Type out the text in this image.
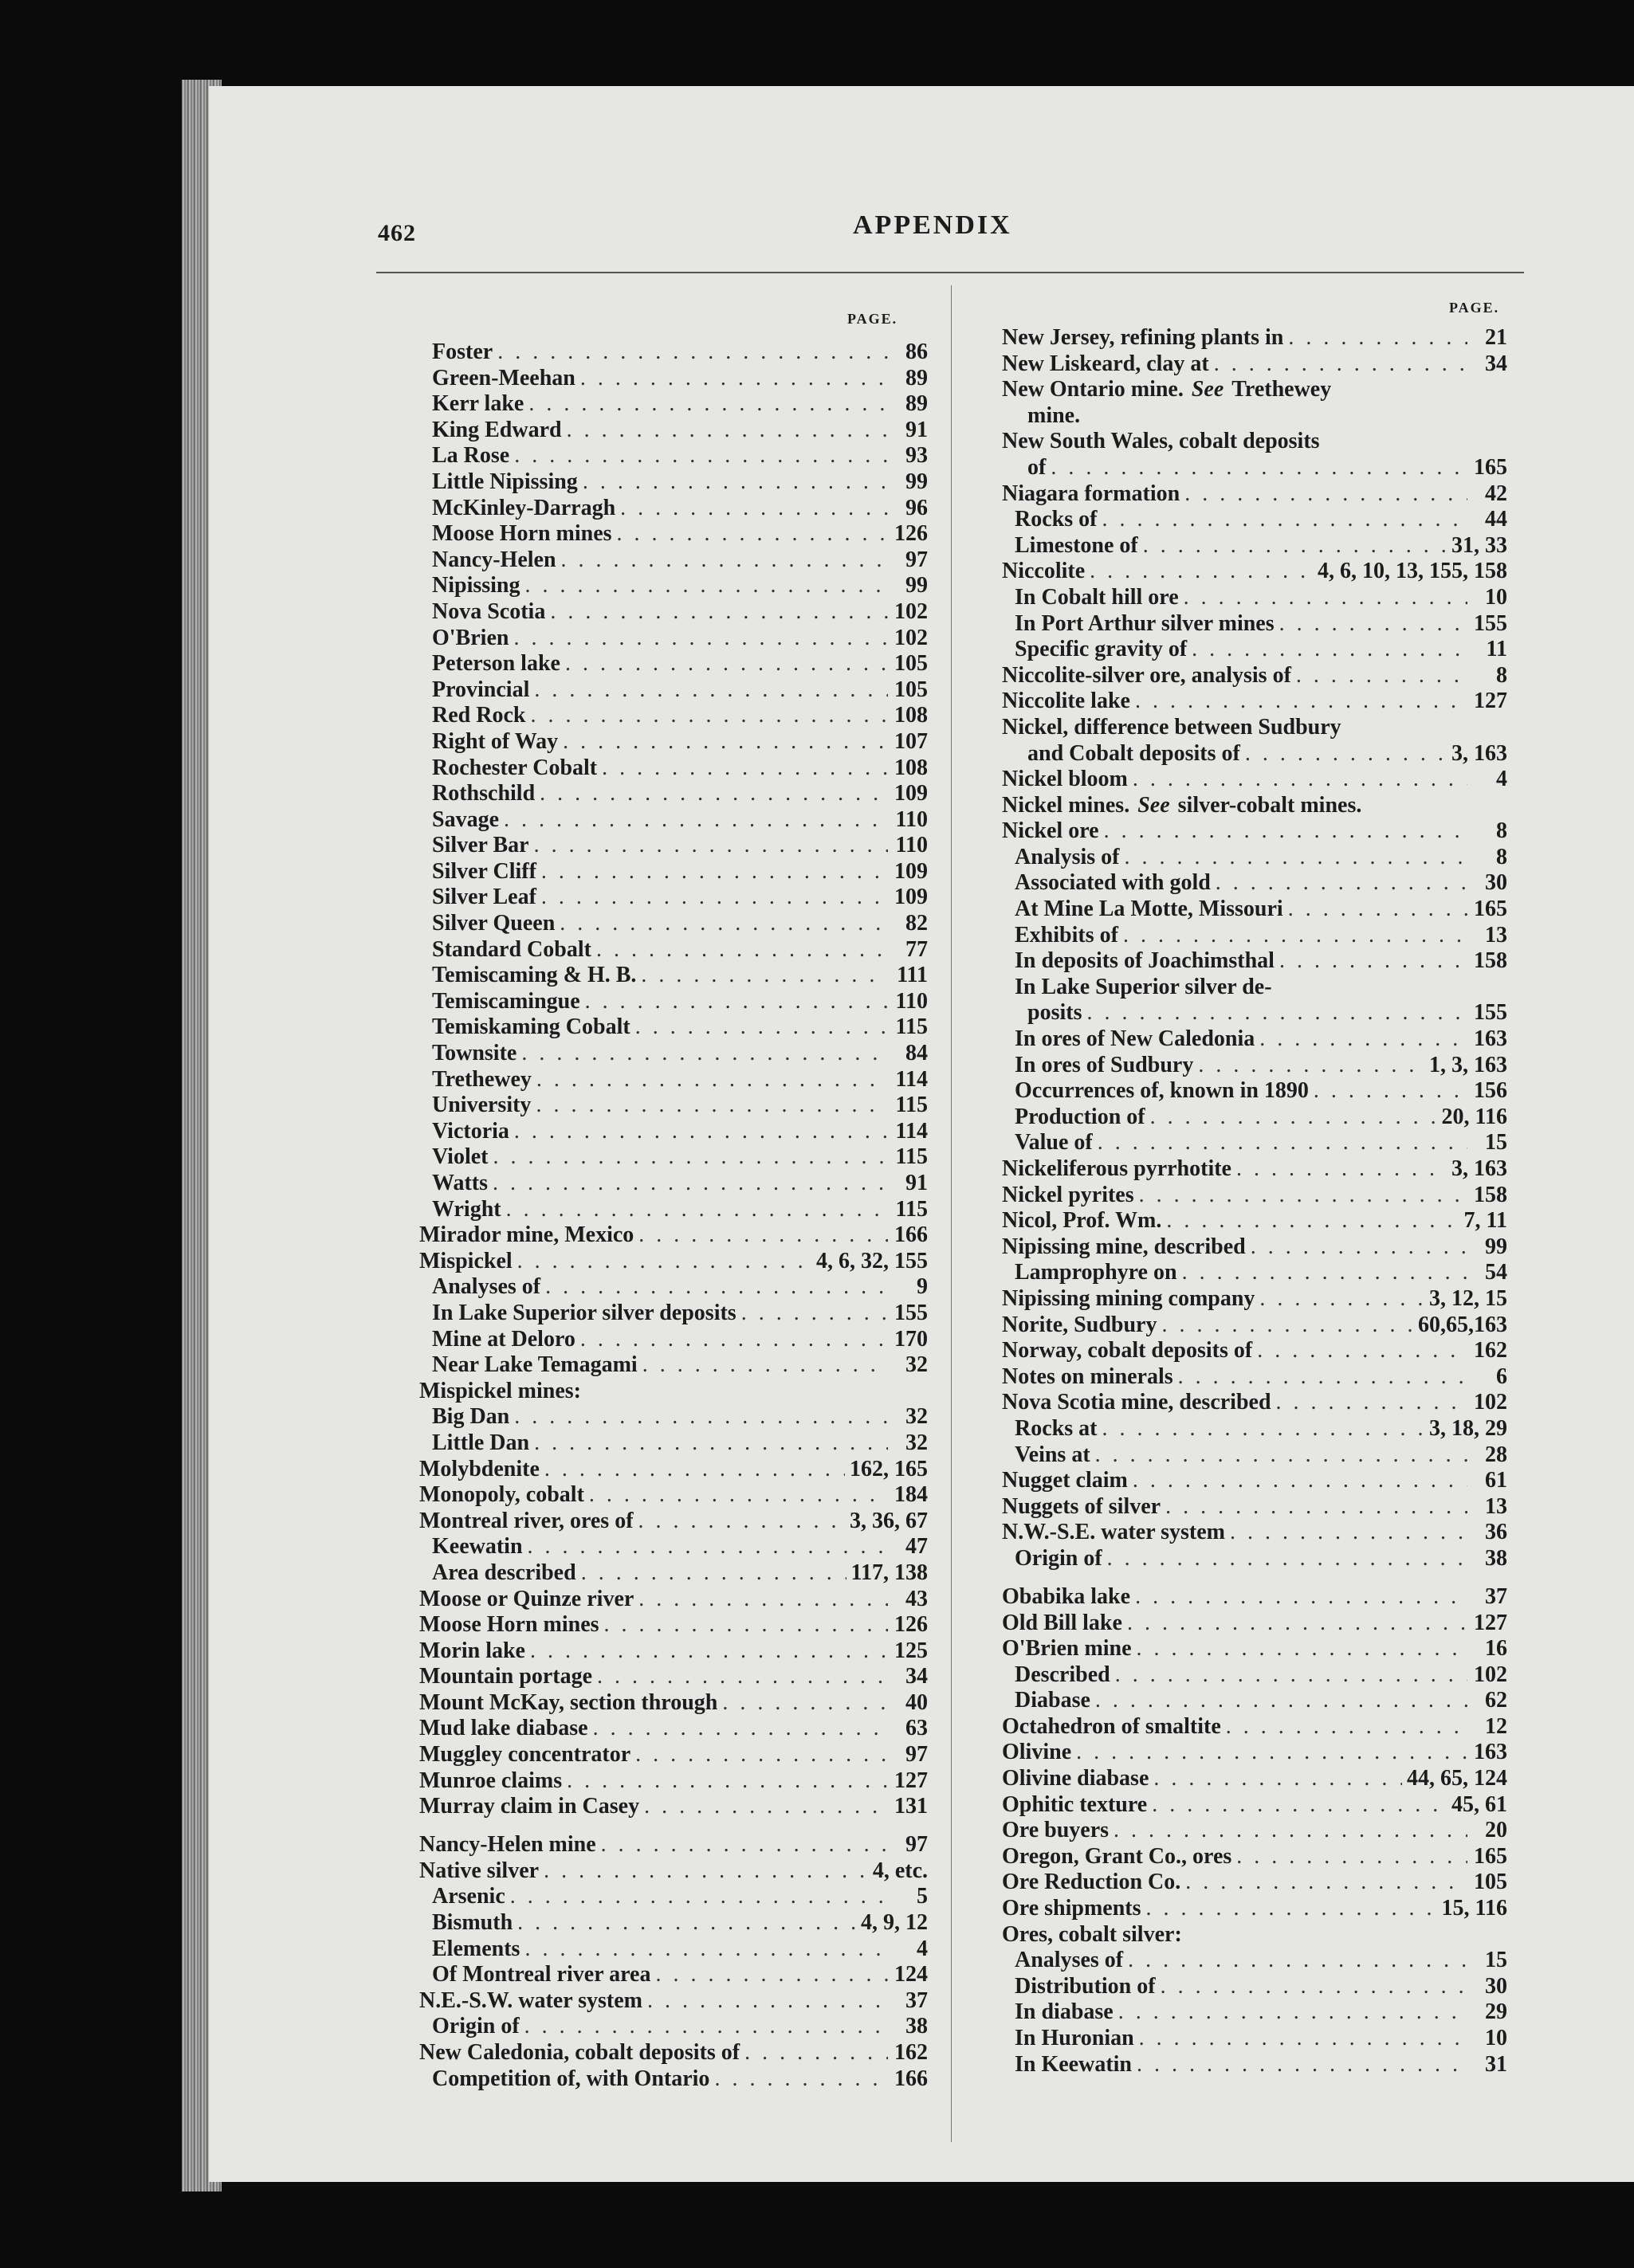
462	APPENDIX
PAGE.
PAGE.
Foster . . .	86
Green-Meehan . . .	89
Kerr lake . . .	89
King Edward . . .	91
La Rose . . .	93
Little Nipissing . . .	99
McKinley-Darragh . . .	96
Moose Horn mines . . .	126
Nancy-Helen . . .	97
Nipissing . . .	99
Nova Scotia . . .	102
O'Brien . . .	102
Peterson lake . . .	105
Provincial . . .	105
Red Rock . . .	108
Right of Way . . .	107
Rochester Cobalt . . .	108
Rothschild . . .	109
Savage . . .	110
Silver Bar . . .	110
Silver Cliff . . .	109
Silver Leaf . . .	109
Silver Queen . . .	82
Standard Cobalt . . .	77
Temiscaming & H. B. . . .	111
Temiscamingue . . .	110
Temiskaming Cobalt . . .	115
Townsite . . .	84
Trethewey . . .	114
University . . .	115
Victoria . . .	114
Violet . . .	115
Watts . . .	91
Wright . . .	115
Mirador mine, Mexico . . .	166
Mispickel . . .	4, 6, 32, 155
Analyses of . . .	9
In Lake Superior silver deposits . . .	155
Mine at Deloro . . .	170
Near Lake Temagami . . .	32
Mispickel mines:
Big Dan . . .	32
Little Dan . . .	32
Molybdenite . . .	162, 165
Monopoly, cobalt . . .	184
Montreal river, ores of . . .	3, 36, 67
Keewatin . . .	47
Area described . . .	117, 138
Moose or Quinze river . . .	43
Moose Horn mines . . .	126
Morin lake . . .	125
Mountain portage . . .	34
Mount McKay, section through . . .	40
Mud lake diabase . . .	63
Muggley concentrator . . .	97
Munroe claims . . .	127
Murray claim in Casey . . .	131
Nancy-Helen mine . . .	97
Native silver . . .	4, etc.
Arsenic . . .	5
Bismuth . . .	4, 9, 12
Elements . . .	4
Of Montreal river area . . .	124
N.E.-S.W. water system . . .	37
Origin of . . .	38
New Caledonia, cobalt deposits of . . .	162
Competition of, with Ontario . . .	166
New Jersey, refining plants in . . .	21
New Liskeard, clay at . . .	34
New Ontario mine. See Trethewey
mine.
New South Wales, cobalt deposits
of . . .	165
Niagara formation . . .	42
Rocks of . . .	44
Limestone of . . .	31, 33
Niccolite . . .	4, 6, 10, 13, 155, 158
In Cobalt hill ore . . .	10
In Port Arthur silver mines . . .	155
Specific gravity of . . .	11
Niccolite-silver ore, analysis of . . .	8
Niccolite lake . . .	127
Nickel, difference between Sudbury
and Cobalt deposits of . . .	3, 163
Nickel bloom . . .	4
Nickel mines. See silver-cobalt mines.
Nickel ore . . .	8
Analysis of . . .	8
Associated with gold . . .	30
At Mine La Motte, Missouri . . .	165
Exhibits of . . .	13
In deposits of Joachimsthal . . .	158
In Lake Superior silver de-
posits . . .	155
In ores of New Caledonia . . .	163
In ores of Sudbury . . .	1, 3, 163
Occurrences of, known in 1890 . . .	156
Production of . . .	20, 116
Value of . . .	15
Nickeliferous pyrrhotite . . .	3, 163
Nickel pyrites . . .	158
Nicol, Prof. Wm. . . .	7, 11
Nipissing mine, described . . .	99
Lamprophyre on . . .	54
Nipissing mining company . . .	3, 12, 15
Norite, Sudbury . . .	60,65,163
Norway, cobalt deposits of . . .	162
Notes on minerals . . .	6
Nova Scotia mine, described . . .	102
Rocks at . . .	3, 18, 29
Veins at . . .	28
Nugget claim . . .	61
Nuggets of silver . . .	13
N.W.-S.E. water system . . .	36
Origin of . . .	38
Obabika lake . . .	37
Old Bill lake . . .	127
O'Brien mine . . .	16
Described . . .	102
Diabase . . .	62
Octahedron of smaltite . . .	12
Olivine . . .	163
Olivine diabase . . .	44, 65, 124
Ophitic texture . . .	45, 61
Ore buyers . . .	20
Oregon, Grant Co., ores . . .	165
Ore Reduction Co. . . .	105
Ore shipments . . .	15, 116
Ores, cobalt silver:
Analyses of . . .	15
Distribution of . . .	30
In diabase . . .	29
In Huronian . . .	10
In Keewatin . . .	31
